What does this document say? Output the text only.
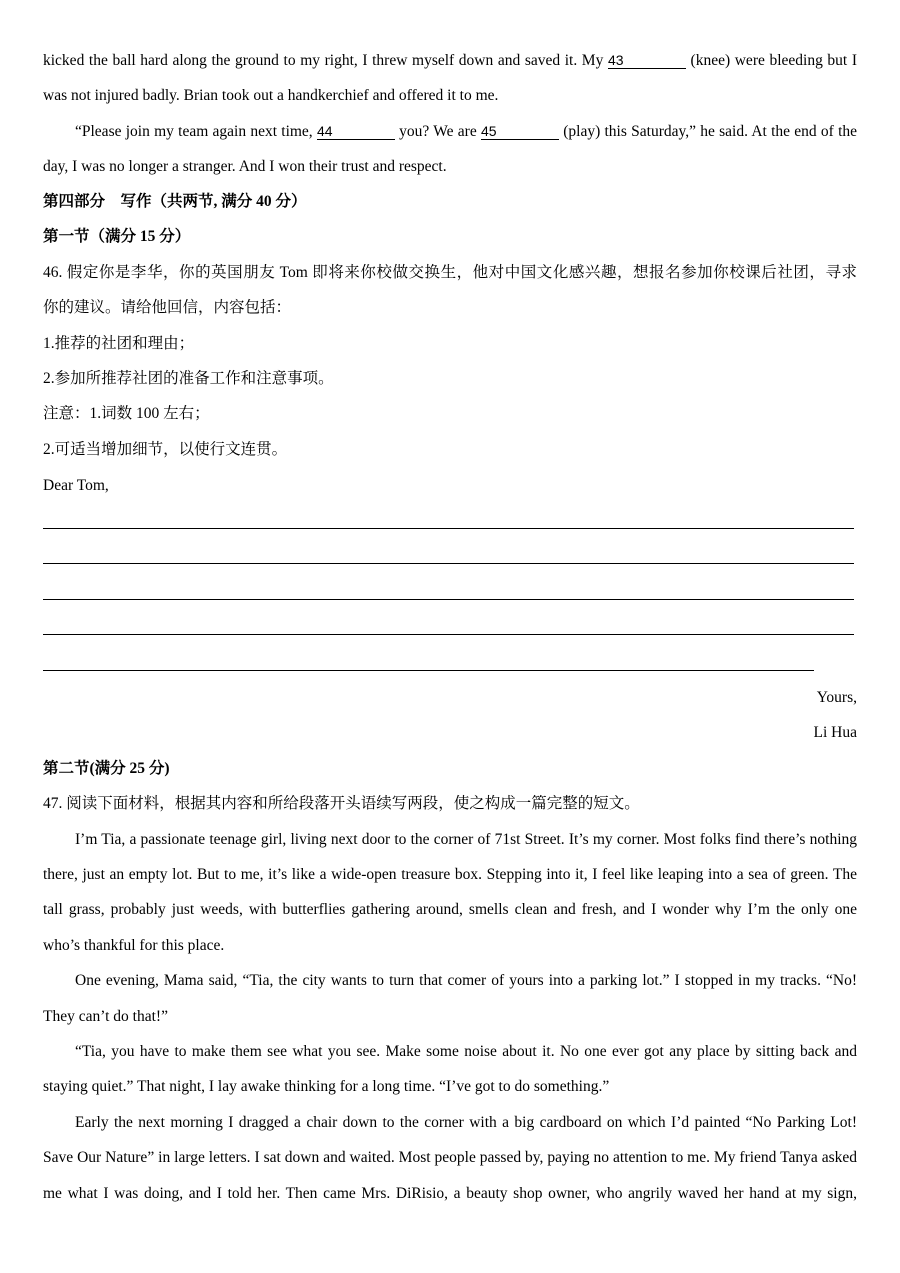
kicked the ball hard along the ground to my right, I threw myself down and saved it. My 43	(knee) were bleeding but I
was not injured badly. Brian took out a handkerchief and offered it to me.
“Please join my team again next time, 44	you? We are 45	(play) this Saturday,” he said. At the end of the
day, I was no longer a stranger. And I won their trust and respect.
第四部分　写作（共两节, 满分 40 分）
第一节（满分 15 分）
46. 假定你是李华，你的英国朋友 Tom 即将来你校做交换生，他对中国文化感兴趣，想报名参加你校课后社团，寻求
你的建议。请给他回信，内容包括：
1.推荐的社团和理由；
2.参加所推荐社团的准备工作和注意事项。
注意：1.词数 100 左右；
2.可适当增加细节，以使行文连贯。
Dear Tom,
Yours,
Li Hua
第二节(满分 25 分)
47. 阅读下面材料，根据其内容和所给段落开头语续写两段，使之构成一篇完整的短文。
I’m Tia, a passionate teenage girl, living next door to the corner of 71st Street. It’s my corner. Most folks find there’s nothing
there, just an empty lot. But to me, it’s like a wide-open treasure box. Stepping into it, I feel like leaping into a sea of green. The
tall grass, probably just weeds, with butterflies gathering around, smells clean and fresh, and I wonder why I’m the only one
who’s thankful for this place.
One evening, Mama said, “Tia, the city wants to turn that comer of yours into a parking lot.” I stopped in my tracks. “No!
They can’t do that!”
“Tia, you have to make them see what you see. Make some noise about it. No one ever got any place by sitting back and
staying quiet.” That night, I lay awake thinking for a long time. “I’ve got to do something.”
Early the next morning I dragged a chair down to the corner with a big cardboard on which I’d painted “No Parking Lot!
Save Our Nature” in large letters. I sat down and waited. Most people passed by, paying no attention to me. My friend Tanya asked
me what I was doing, and I told her. Then came Mrs. DiRisio, a beauty shop owner, who angrily waved her hand at my sign,
